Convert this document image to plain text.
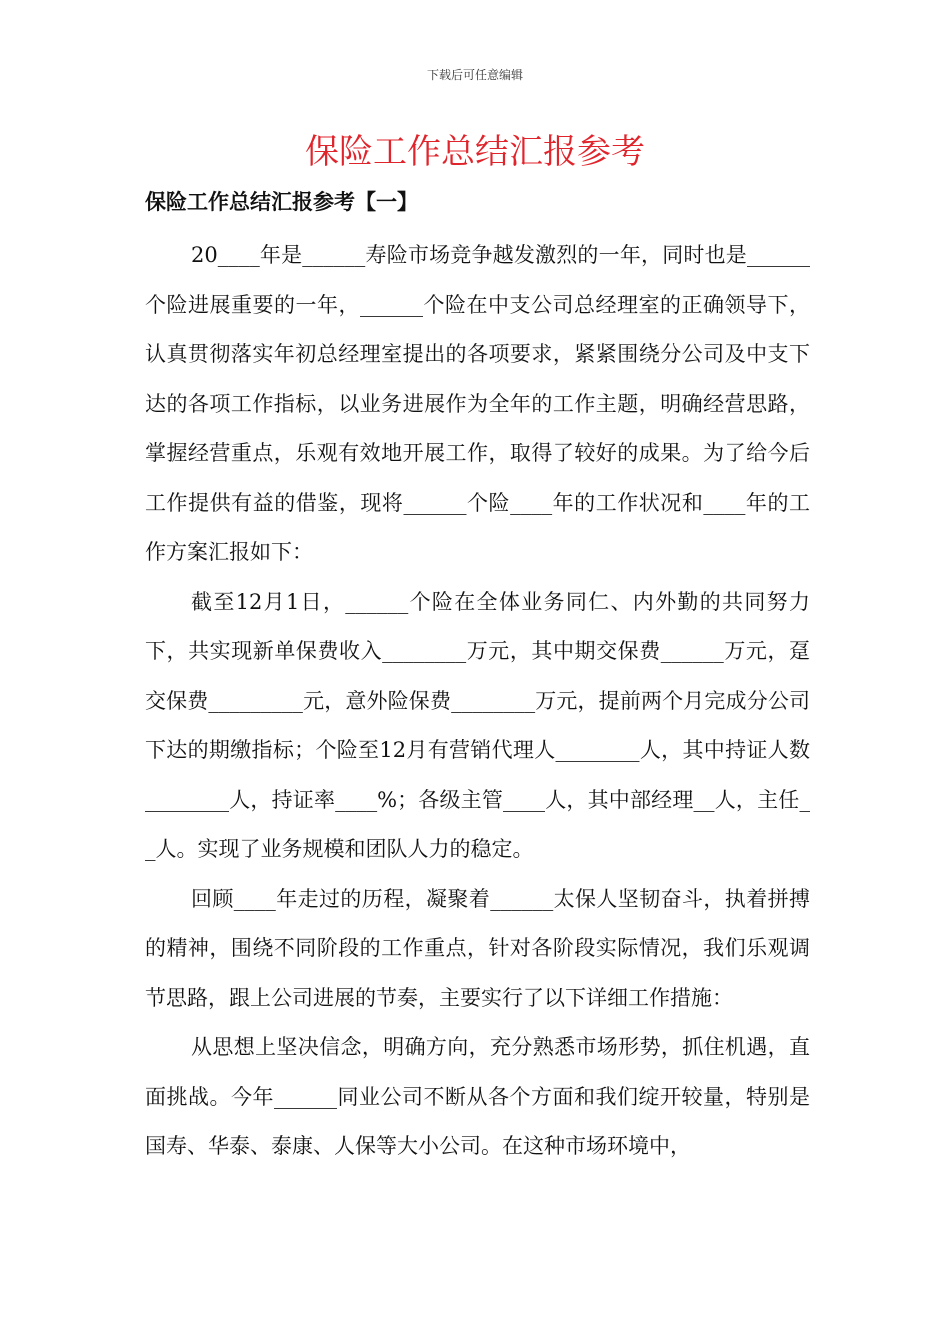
下载后可任意编辑
保险工作总结汇报参考
保险工作总结汇报参考【一】

20____年是______寿险市场竞争越发激烈的一年，同时也是______个险进展重要的一年，______个险在中支公司总经理室的正确领导下，认真贯彻落实年初总经理室提出的各项要求，紧紧围绕分公司及中支下达的各项工作指标，以业务进展作为全年的工作主题，明确经营思路，掌握经营重点，乐观有效地开展工作，取得了较好的成果。为了给今后工作提供有益的借鉴，现将______个险____年的工作状况和____年的工作方案汇报如下：

截至12月1日，______个险在全体业务同仁、内外勤的共同努力下，共实现新单保费收入________万元，其中期交保费______万元，趸交保费_________元，意外险保费________万元，提前两个月完成分公司下达的期缴指标；个险至12月有营销代理人________人，其中持证人数________人，持证率____%；各级主管____人，其中部经理__人，主任__人。实现了业务规模和团队人力的稳定。

回顾____年走过的历程，凝聚着______太保人坚韧奋斗，执着拼搏的精神，围绕不同阶段的工作重点，针对各阶段实际情况，我们乐观调节思路，跟上公司进展的节奏，主要实行了以下详细工作措施：

从思想上坚决信念，明确方向，充分熟悉市场形势，抓住机遇，直面挑战。今年______同业公司不断从各个方面和我们绽开较量，特别是国寿、华泰、泰康、人保等大小公司。在这种市场环境中，
